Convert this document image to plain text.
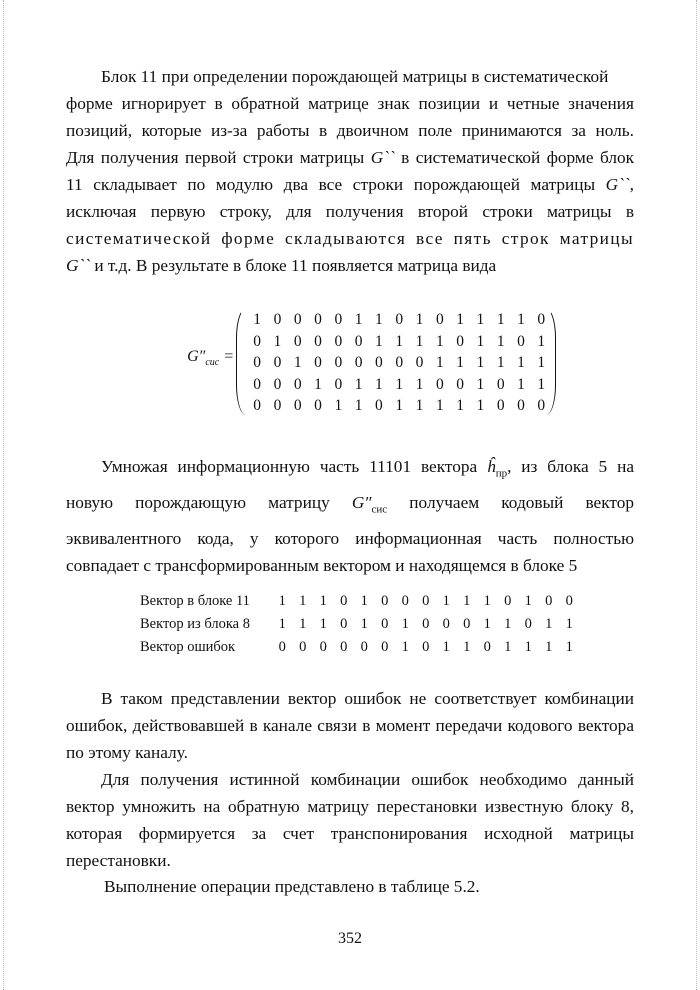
Блок 11 при определении порождающей матрицы в систематической

форме игнорирует в обратной матрице знак позиции и четные значения

позиций, которые из-за работы в двоичном поле принимаются за ноль.

Для получения первой строки матрицы G`` в систематической форме блок

11 складывает по модулю два все строки порождающей матрицы G``,

исключая первую строку, для получения второй строки матрицы в

систематической форме складываются все пять строк матрицы

G`` и т.д. В результате в блоке 11 появляется матрица вида

$G''_{сис}$ =
1 0 0 0 0 1 1 0 1 0 1 1 1 1 0
0 1 0 0 0 0 1 1 1 1 0 1 1 0 1
0 0 1 0 0 0 0 0 0 1 1 1 1 1 1
0 0 0 1 0 1 1 1 1 0 0 1 0 1 1
0 0 0 0 1 1 0 1 1 1 1 1 0 0 0

Умножая информационную часть 11101 вектора $ĥ_{пр}$, из блока 5 на

новую порождающую матрицу $G''_{сис}$ получаем кодовый вектор

эквивалентного кода, у которого информационная часть полностью

совпадает с трансформированным вектором и находящемся в блоке 5

Вектор в блоке 11	1 1 1 0 1 0 0 0 1 1 1 0 1 0 0
Вектор из блока 8	1 1 1 0 1 0 1 0 0 0 1 1 0 1 1
Вектор ошибок	0 0 0 0 0 0 1 0 1 1 0 1 1 1 1

В таком представлении вектор ошибок не соответствует комбинации ошибок, действовавшей в канале связи в момент передачи кодового вектора по этому каналу.

Для получения истинной комбинации ошибок необходимо данный вектор умножить на обратную матрицу перестановки известную блоку 8, которая формируется за счет транспонирования исходной матрицы перестановки.

Выполнение операции представлено в таблице 5.2.

352
